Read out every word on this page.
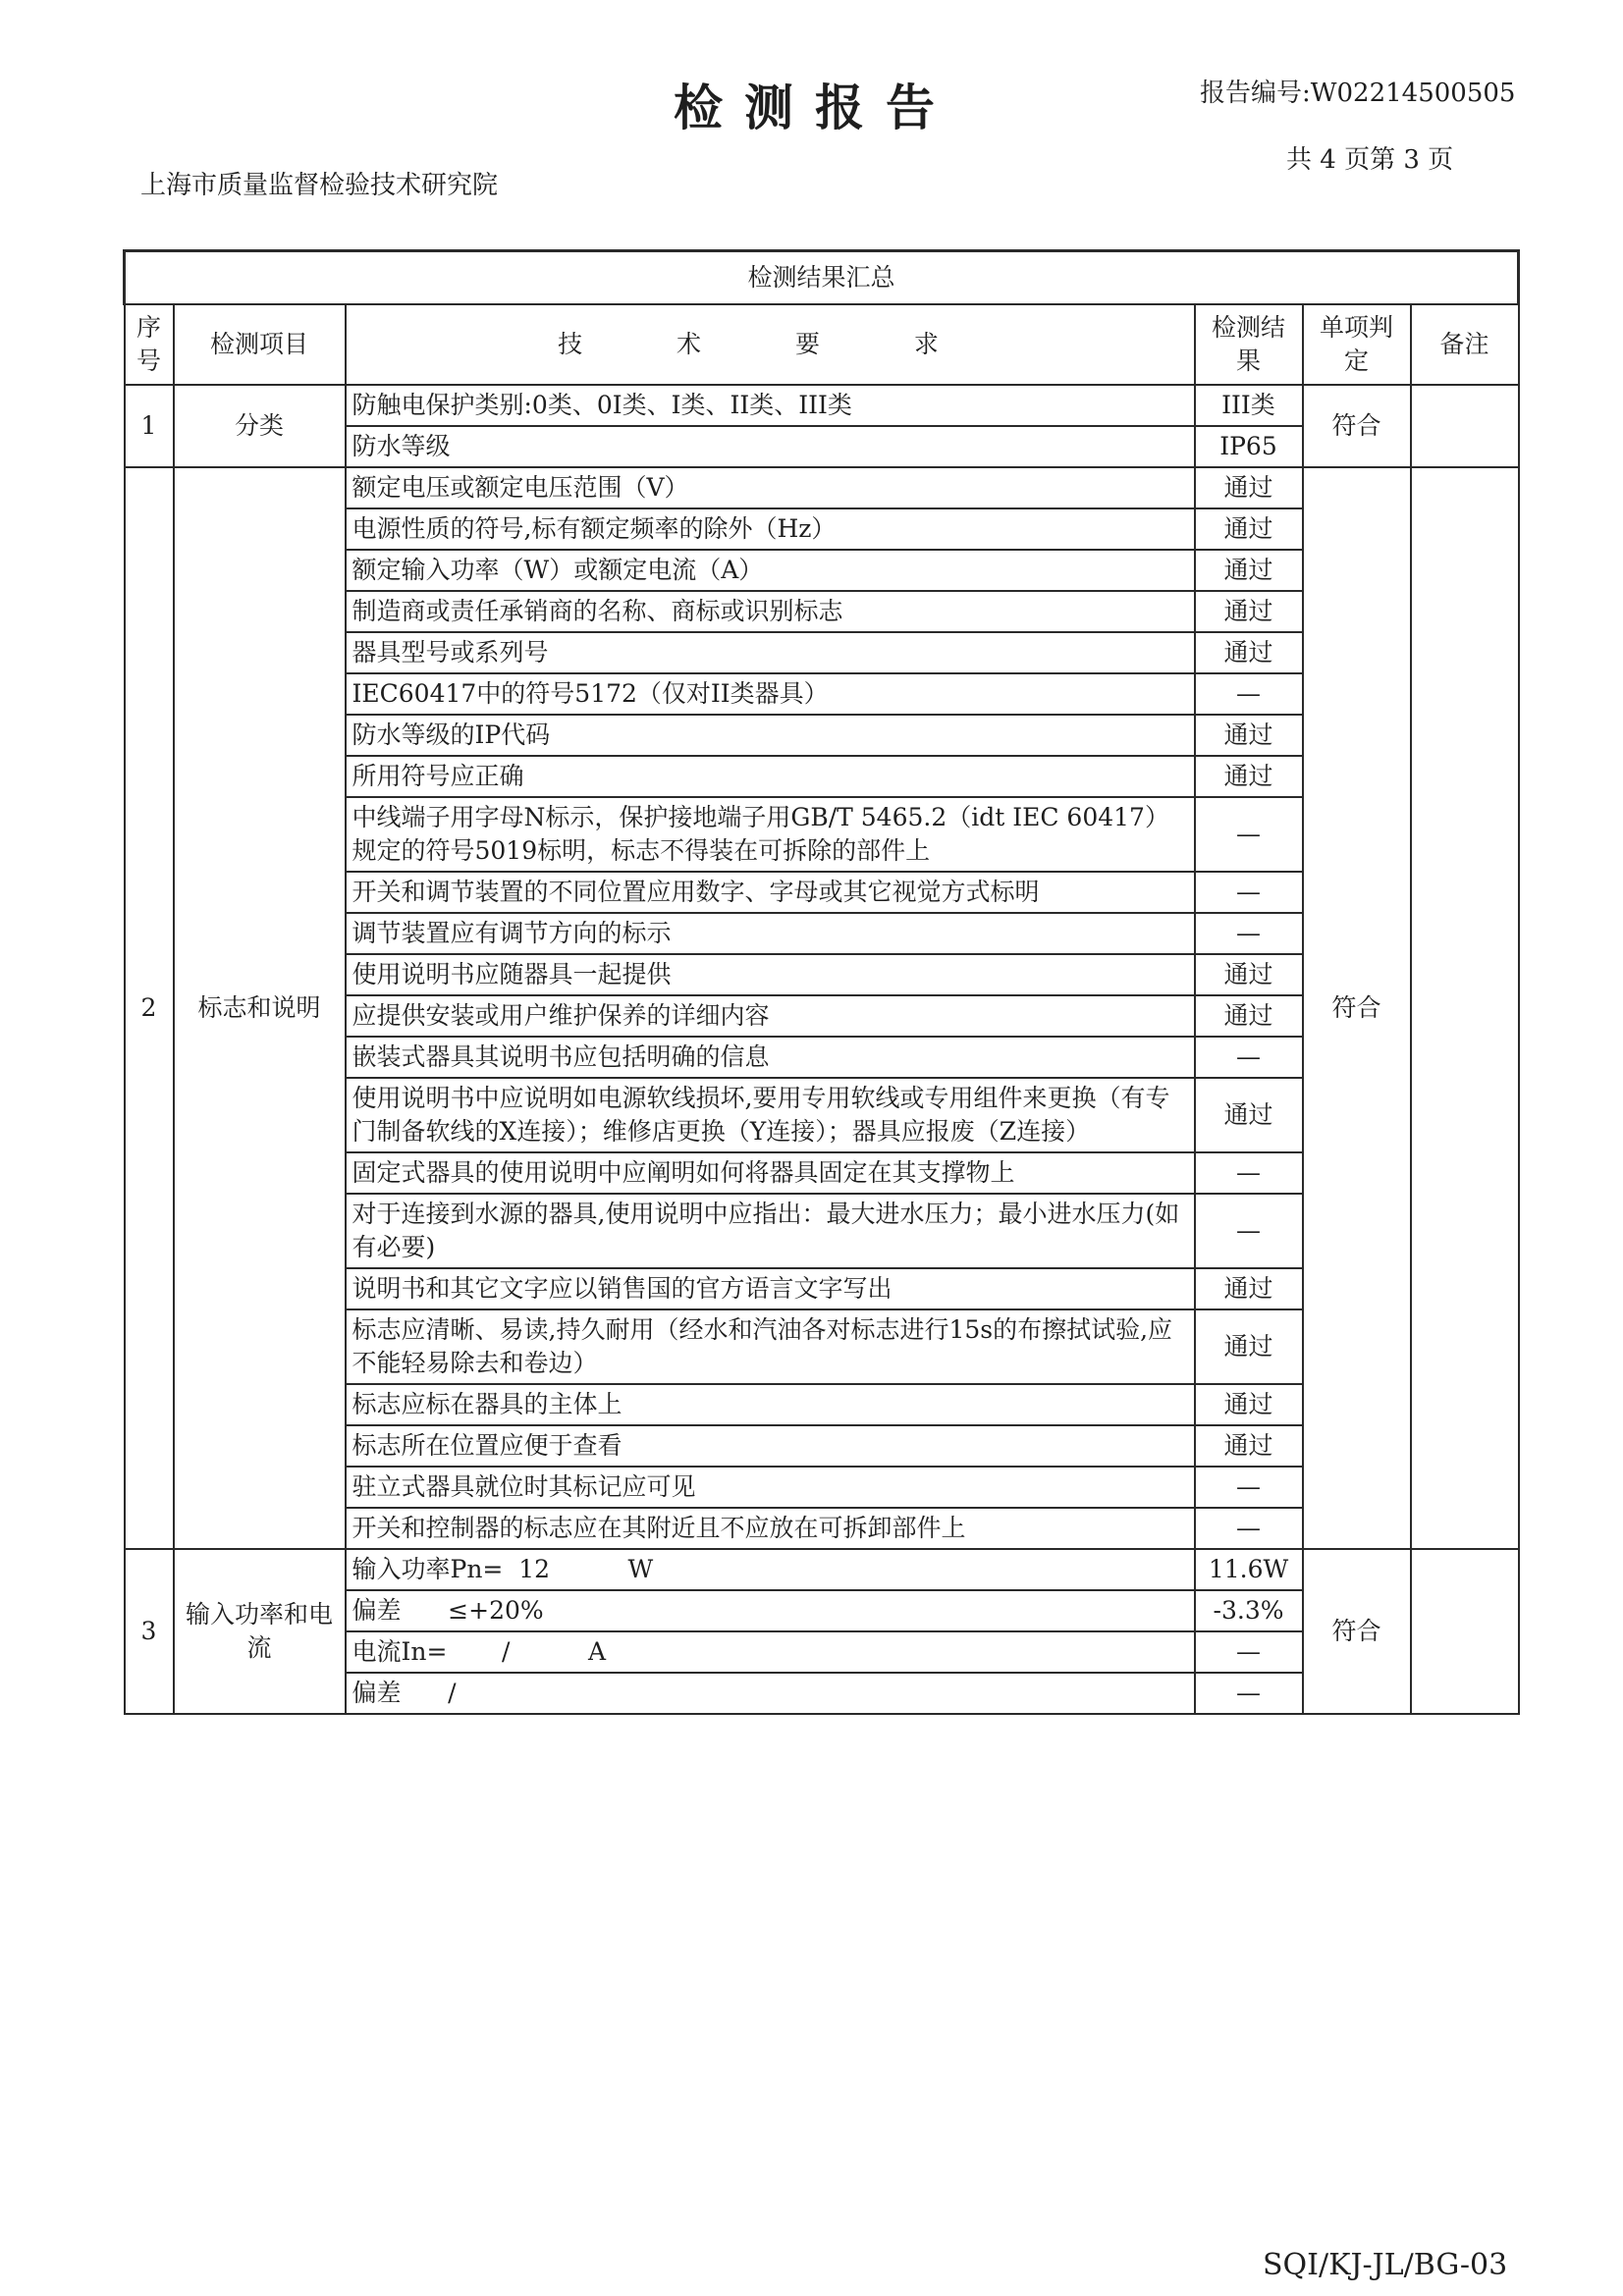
检测报告	报告编号:W02214500505
共 4 页第 3 页
上海市质量监督检验技术研究院
检测结果汇总					
序号	检测项目	技 术 要 求	检测结果	单项判定	备注
1	分类	防触电保护类别:0类、0I类、I类、II类、III类	III类	符合	
		防水等级	IP65		
2	标志和说明	额定电压或额定电压范围（V）	通过	符合	
		电源性质的符号,标有额定频率的除外（Hz）	通过		
		额定输入功率（W）或额定电流（A）	通过		
		制造商或责任承销商的名称、商标或识别标志	通过		
		器具型号或系列号	通过		
		IEC60417中的符号5172（仅对II类器具）	—		
		防水等级的IP代码	通过		
		所用符号应正确	通过		
		中线端子用字母N标示，保护接地端子用GB/T 5465.2（idt IEC 60417）规定的符号5019标明，标志不得装在可拆除的部件上	—		
		开关和调节装置的不同位置应用数字、字母或其它视觉方式标明	—		
		调节装置应有调节方向的标示	—		
		使用说明书应随器具一起提供	通过		
		应提供安装或用户维护保养的详细内容	通过		
		嵌装式器具其说明书应包括明确的信息	—		
		使用说明书中应说明如电源软线损坏,要用专用软线或专用组件来更换（有专门制备软线的X连接）；维修店更换（Y连接）；器具应报废（Z连接）	通过		
		固定式器具的使用说明中应阐明如何将器具固定在其支撑物上	—		
		对于连接到水源的器具,使用说明中应指出：最大进水压力；最小进水压力(如有必要)	—		
		说明书和其它文字应以销售国的官方语言文字写出	通过		
		标志应清晰、易读,持久耐用（经水和汽油各对标志进行15s的布擦拭试验,应不能轻易除去和卷边）	通过		
		标志应标在器具的主体上	通过		
		标志所在位置应便于查看	通过		
		驻立式器具就位时其标记应可见	—		
		开关和控制器的标志应在其附近且不应放在可拆卸部件上	—		
3	输入功率和电流	输入功率Pn=  12          W	11.6W	符合	
		偏差      ≤+20%	-3.3%		
		电流In=       /          A	—		
		偏差      /	—		
SQI/KJ-JL/BG-03
